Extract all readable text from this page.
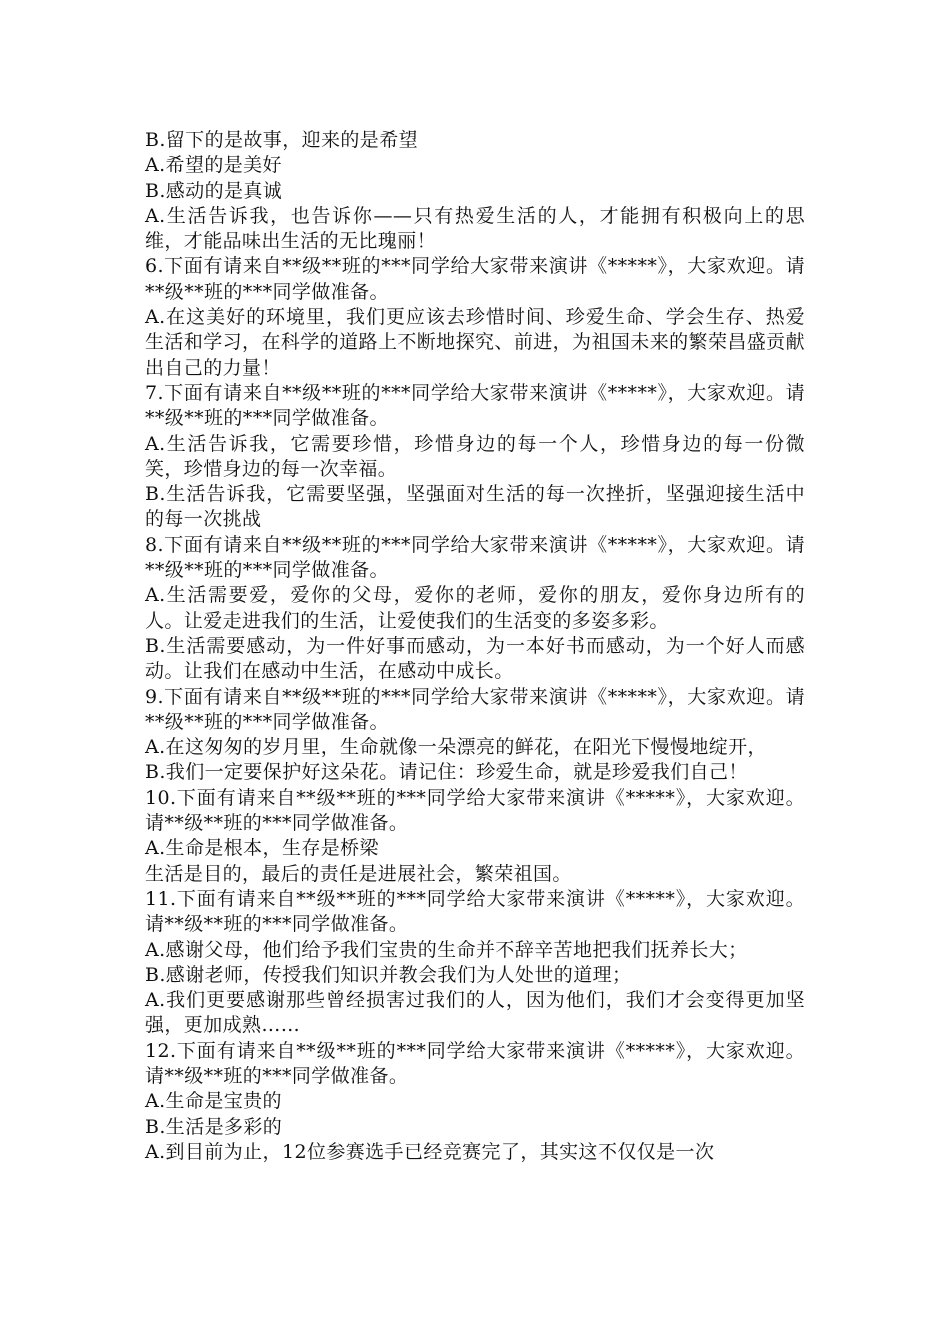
B.留下的是故事，迎来的是希望

A.希望的是美好

B.感动的是真诚

A.生活告诉我，也告诉你——只有热爱生活的人，才能拥有积极向上的思维，才能品味出生活的无比瑰丽！

6.下面有请来自**级**班的***同学给大家带来演讲《*****》，大家欢迎。请**级**班的***同学做准备。

A.在这美好的环境里，我们更应该去珍惜时间、珍爱生命、学会生存、热爱生活和学习，在科学的道路上不断地探究、前进，为祖国未来的繁荣昌盛贡献出自己的力量！

7.下面有请来自**级**班的***同学给大家带来演讲《*****》，大家欢迎。请**级**班的***同学做准备。

A.生活告诉我，它需要珍惜，珍惜身边的每一个人，珍惜身边的每一份微笑，珍惜身边的每一次幸福。

B.生活告诉我，它需要坚强，坚强面对生活的每一次挫折，坚强迎接生活中的每一次挑战

8.下面有请来自**级**班的***同学给大家带来演讲《*****》，大家欢迎。请**级**班的***同学做准备。

A.生活需要爱，爱你的父母，爱你的老师，爱你的朋友，爱你身边所有的人。让爱走进我们的生活，让爱使我们的生活变的多姿多彩。

B.生活需要感动，为一件好事而感动，为一本好书而感动，为一个好人而感动。让我们在感动中生活，在感动中成长。

9.下面有请来自**级**班的***同学给大家带来演讲《*****》，大家欢迎。请**级**班的***同学做准备。

A.在这匆匆的岁月里，生命就像一朵漂亮的鲜花，在阳光下慢慢地绽开，

B.我们一定要保护好这朵花。请记住：珍爱生命，就是珍爱我们自己！

10.下面有请来自**级**班的***同学给大家带来演讲《*****》，大家欢迎。请**级**班的***同学做准备。

A.生命是根本，生存是桥梁

生活是目的，最后的责任是进展社会，繁荣祖国。

11.下面有请来自**级**班的***同学给大家带来演讲《*****》，大家欢迎。请**级**班的***同学做准备。

A.感谢父母，他们给予我们宝贵的生命并不辞辛苦地把我们抚养长大；

B.感谢老师，传授我们知识并教会我们为人处世的道理；

A.我们更要感谢那些曾经损害过我们的人，因为他们，我们才会变得更加坚强，更加成熟……

12.下面有请来自**级**班的***同学给大家带来演讲《*****》，大家欢迎。请**级**班的***同学做准备。

A.生命是宝贵的

B.生活是多彩的

A.到目前为止，12位参赛选手已经竞赛完了，其实这不仅仅是一次
